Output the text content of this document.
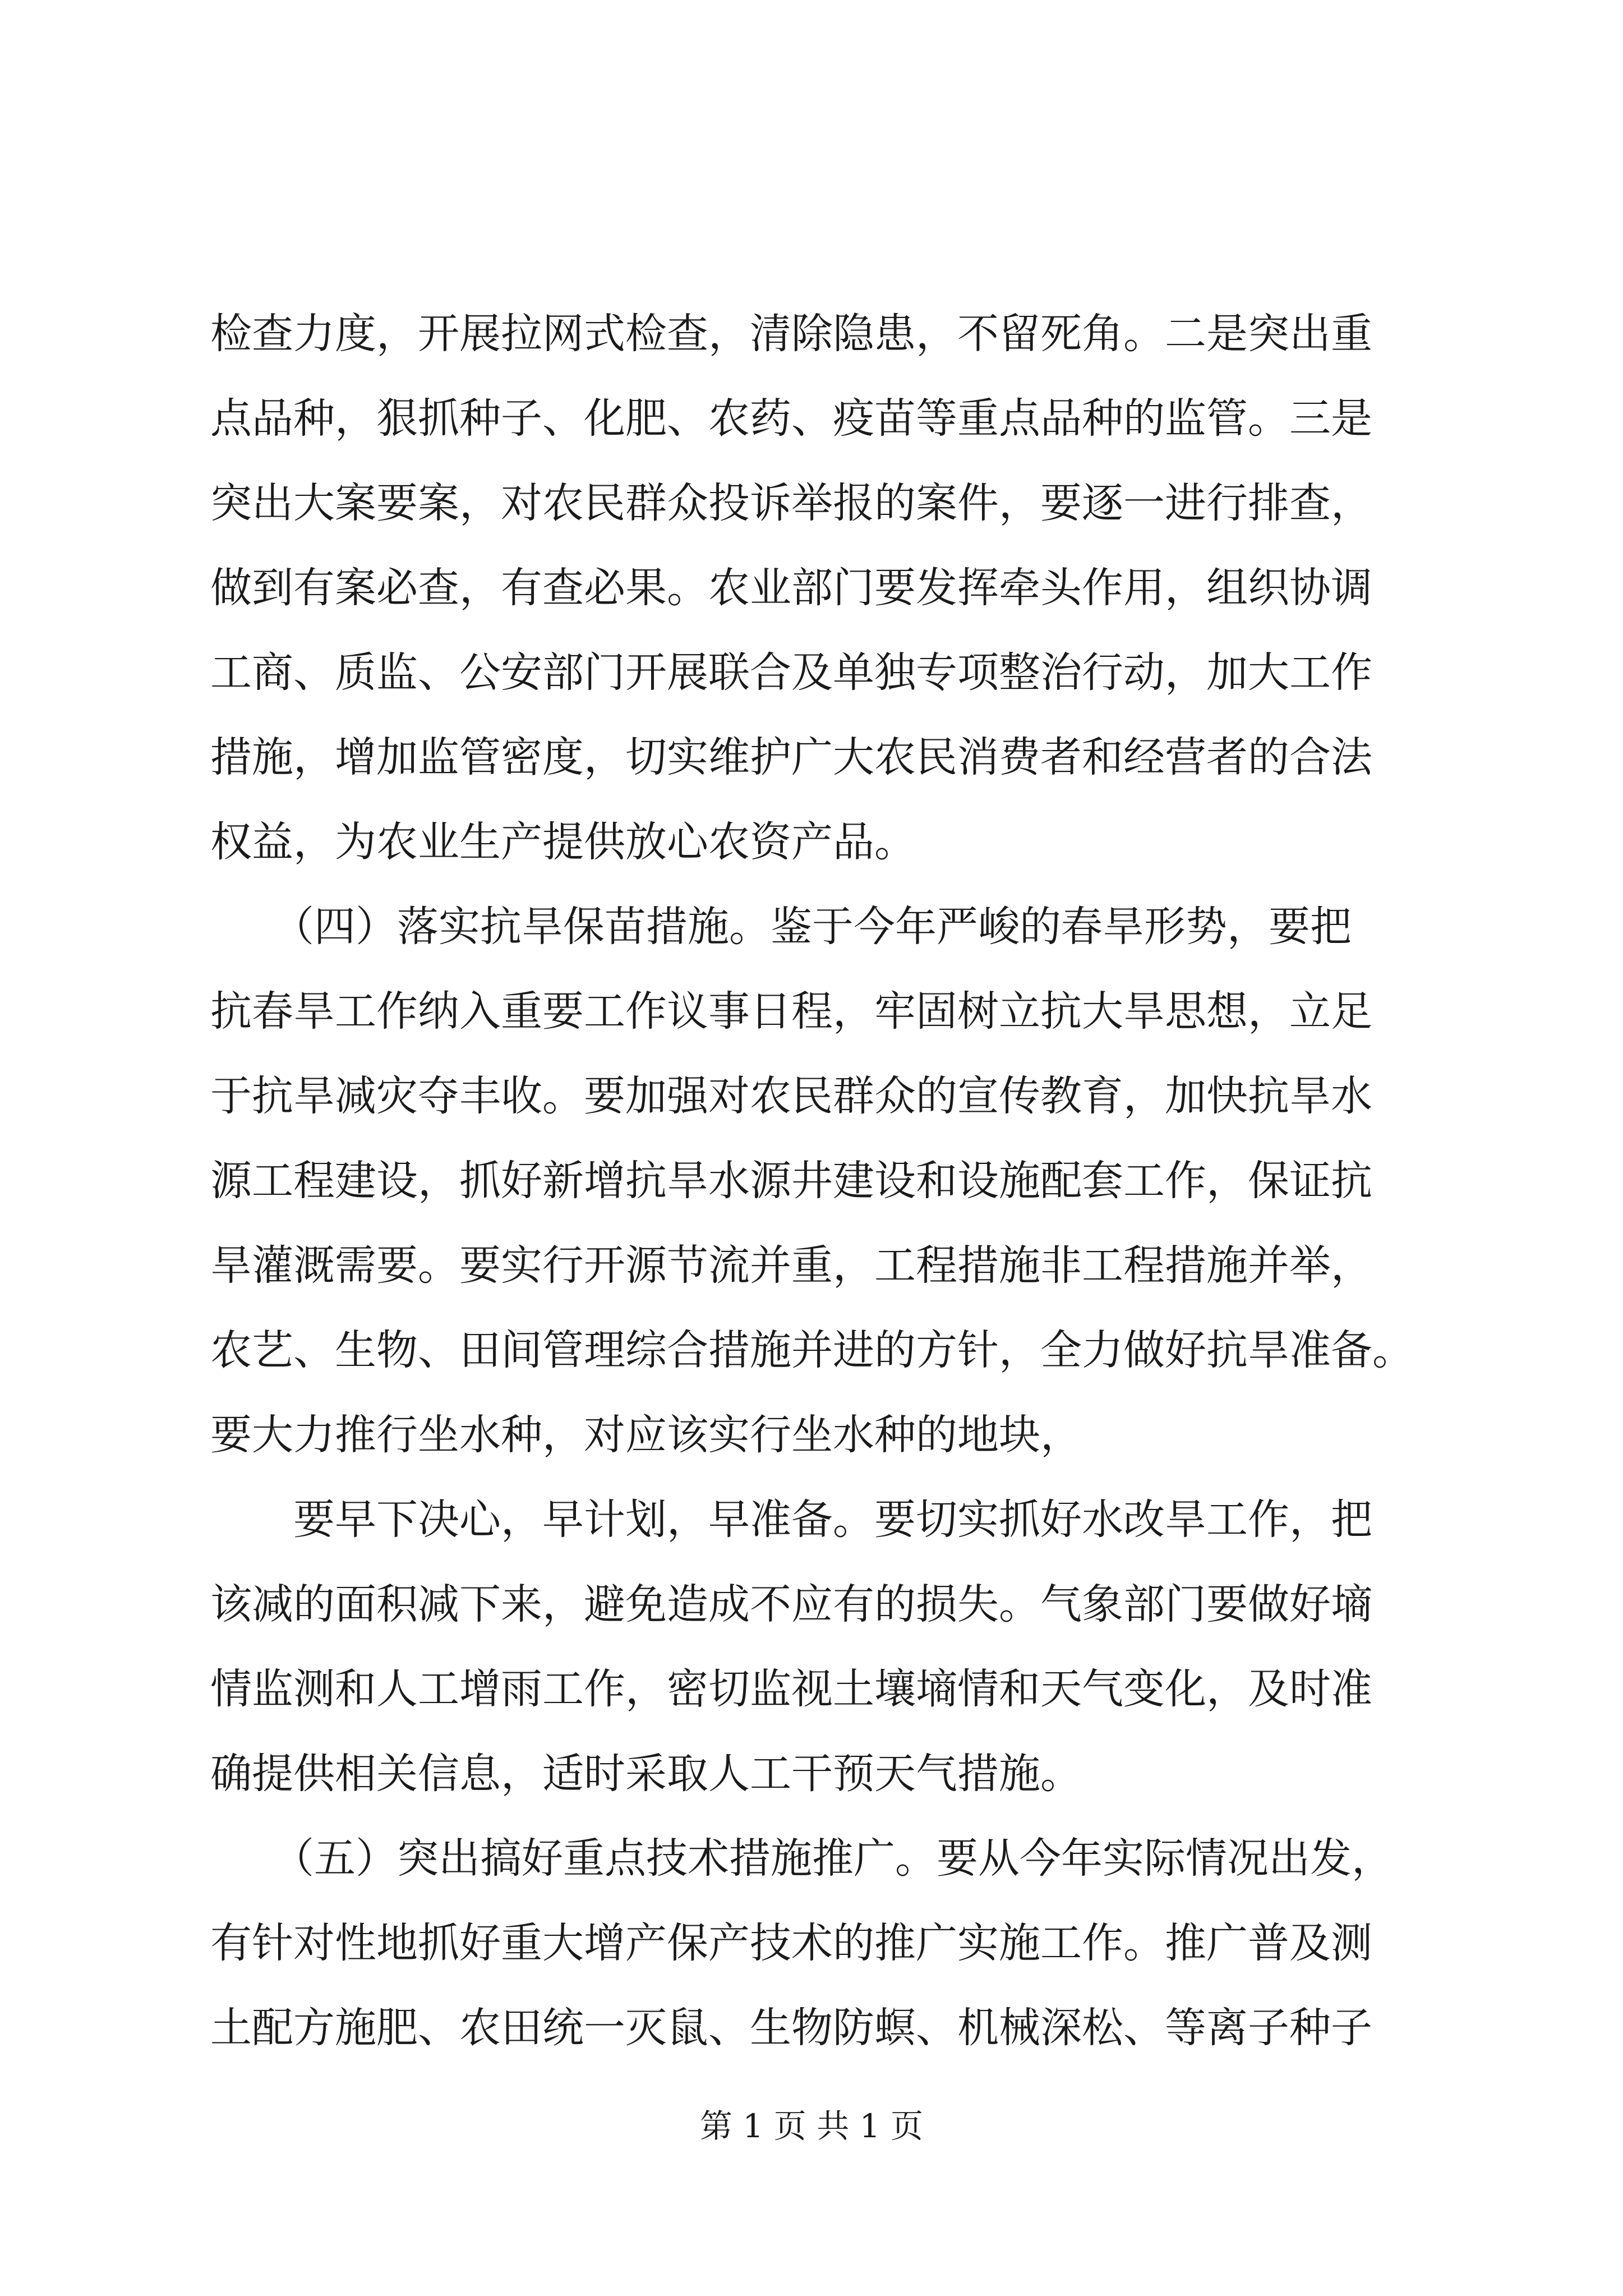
检查力度，开展拉网式检查，清除隐患，不留死角。二是突出重
点品种，狠抓种子、化肥、农药、疫苗等重点品种的监管。三是
突出大案要案，对农民群众投诉举报的案件，要逐一进行排查，
做到有案必查，有查必果。农业部门要发挥牵头作用，组织协调
工商、质监、公安部门开展联合及单独专项整治行动，加大工作
措施，增加监管密度，切实维护广大农民消费者和经营者的合法
权益，为农业生产提供放心农资产品。
　　（四）落实抗旱保苗措施。鉴于今年严峻的春旱形势，要把
抗春旱工作纳入重要工作议事日程，牢固树立抗大旱思想，立足
于抗旱减灾夺丰收。要加强对农民群众的宣传教育，加快抗旱水
源工程建设，抓好新增抗旱水源井建设和设施配套工作，保证抗
旱灌溉需要。要实行开源节流并重，工程措施非工程措施并举，
农艺、生物、田间管理综合措施并进的方针，全力做好抗旱准备。
要大力推行坐水种，对应该实行坐水种的地块，
　　要早下决心，早计划，早准备。要切实抓好水改旱工作，把
该减的面积减下来，避免造成不应有的损失。气象部门要做好墒
情监测和人工增雨工作，密切监视土壤墒情和天气变化，及时准
确提供相关信息，适时采取人工干预天气措施。
　　（五）突出搞好重点技术措施推广。要从今年实际情况出发，
有针对性地抓好重大增产保产技术的推广实施工作。推广普及测
土配方施肥、农田统一灭鼠、生物防螟、机械深松、等离子种子
第 1 页 共 1 页
